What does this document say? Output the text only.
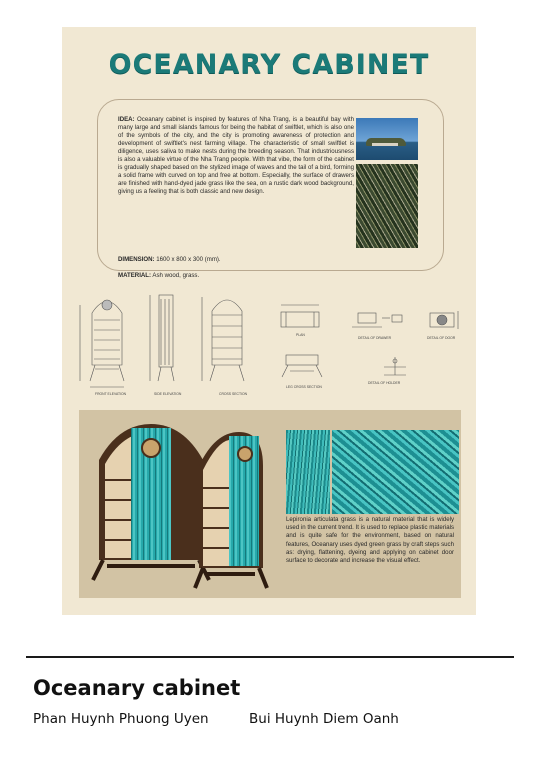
OCEANARY CABINET
IDEA: Oceanary cabinet is inspired by features of Nha Trang, is a beautiful bay with many large and small islands famous for being the habitat of swiftlet, which is also one of the symbols of the city, and the city is promoting awareness of protection and development of swiftlet's nest farming village. The characteristic of small swiftlet is diligence, uses saliva to make nests during the breeding season. That industriousness is also a valuable virtue of the Nha Trang people. With that vibe, the form of the cabinet is gradually shaped based on the stylized image of waves and the tail of a bird, forming a solid frame with curved on top and free at bottom. Especially, the surface of drawers are finished with hand-dyed jade grass like the sea, on a rustic dark wood background, giving us a feeling that is both classic and new design.
DIMENSION: 1600 x 800 x 300 (mm).
MATERIAL: Ash wood, grass.
FRONT ELEVATION	SIDE ELEVATION	CROSS SECTION
PLAN
LEG CROSS SECTION
DETAIL OF DRAWER	DETAIL OF DOOR
DETAIL OF HOLDER
Lepironia articulata grass is a natural material that is widely used in the current trend. It is used to replace plastic materials and is quite safe for the environment, based on natural features, Oceanary uses dyed green grass by craft steps such as: drying, flattening, dyeing and applying on cabinet door surface to decorate and increase the visual effect.
Oceanary cabinet
Phan Huynh Phuong Uyen	Bui Huynh Diem Oanh
